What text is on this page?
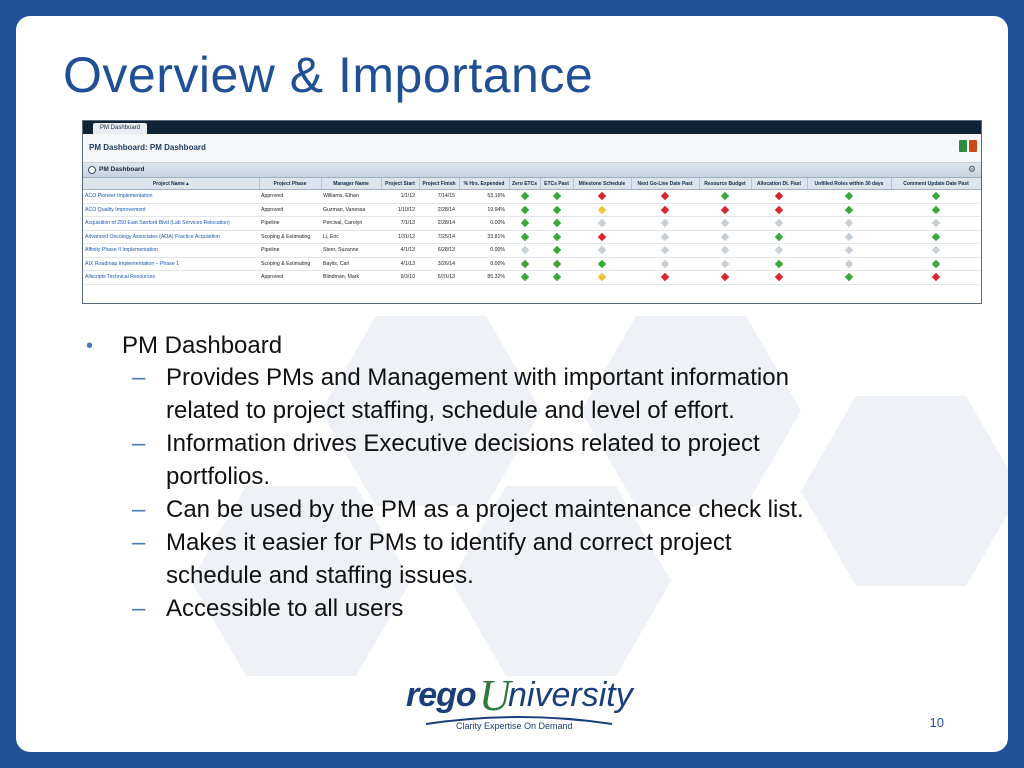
Overview & Importance
PM Dashboard
PM Dashboard: PM Dashboard
PM Dashboard	⚙
Project Name ▴	Project Phase	Manager Name	Project Start	Project Finish	% Hrs. Expended	Zero ETCs	ETCs Past	Milestone Schedule	Next Go-Live Date Past	Resource Budget	Allocation Dt. Past	Unfilled Roles within 30 days	Comment Update Date Past
ACO Pioneer Implementation	Approved	Williams, Ethan	1/1/12	7/14/15	53.16%								
ACO Quality Improvement	Approved	Guzman, Vanessa	1/10/12	2/28/14	19.94%								
Acquisition of 250 East Sanford Blvd (Lab Services Relocation)	Pipeline	Percival, Carolyn	7/1/13	2/28/14	0.00%								
Advanced Oncology Associates (AOA) Practice Acquisition	Scoping & Estimating	Li, Eric	1/31/12	7/25/14	33.81%								
Affinity Phase II Implementation	Pipeline	Steer, Suzanne	4/1/13	6/28/13	0.00%								
AIX Roadmap Implementation – Phase 1	Scoping & Estimating	Baylis, Carl	4/1/13	3/26/14	0.00%								
Allscripts Technical Resources	Approved	Blindman, Mark	9/3/10	5/31/13	85.32%								

• PM Dashboard

– Provides PMs and Management with important information
related to project staffing, schedule and level of effort.

– Information drives Executive decisions related to project
portfolios.

– Can be used by the PM as a project maintenance check list.

– Makes it easier for PMs to identify and correct project
schedule and staffing issues.

– Accessible to all users

rego U
niversity
Clarity Expertise On Demand	10
